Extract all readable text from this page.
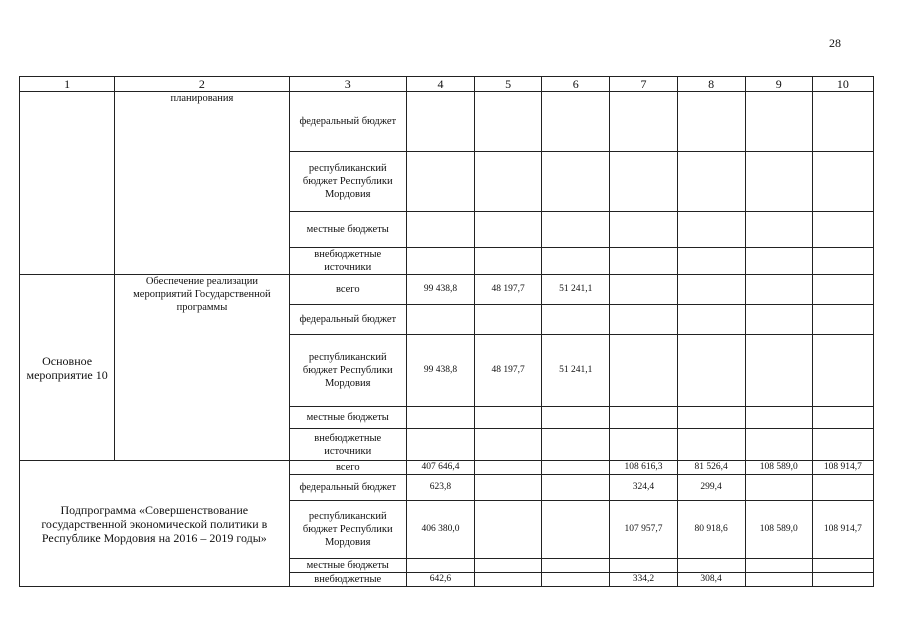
28
1	2	3	4	5	6	7	8	9	10
	планирования	федеральный бюджет							
		республиканский бюджет Республики Мордовия							
		местные бюджеты							
		внебюджетные источники							
Основное мероприятие 10	Обеспечение реализации мероприятий Государственной программы	всего	99 438,8	48 197,7	51 241,1				
		федеральный бюджет							
		республиканский бюджет Республики Мордовия	99 438,8	48 197,7	51 241,1				
		местные бюджеты							
		внебюджетные источники							
Подпрограмма «Совершенствование государственной экономической политики в Республике Мордовия на 2016 – 2019 годы»		всего	407 646,4			108 616,3	81 526,4	108 589,0	108 914,7
		федеральный бюджет	623,8			324,4	299,4		
		республиканский бюджет Республики Мордовия	406 380,0			107 957,7	80 918,6	108 589,0	108 914,7
		местные бюджеты							
		внебюджетные	642,6			334,2	308,4		
